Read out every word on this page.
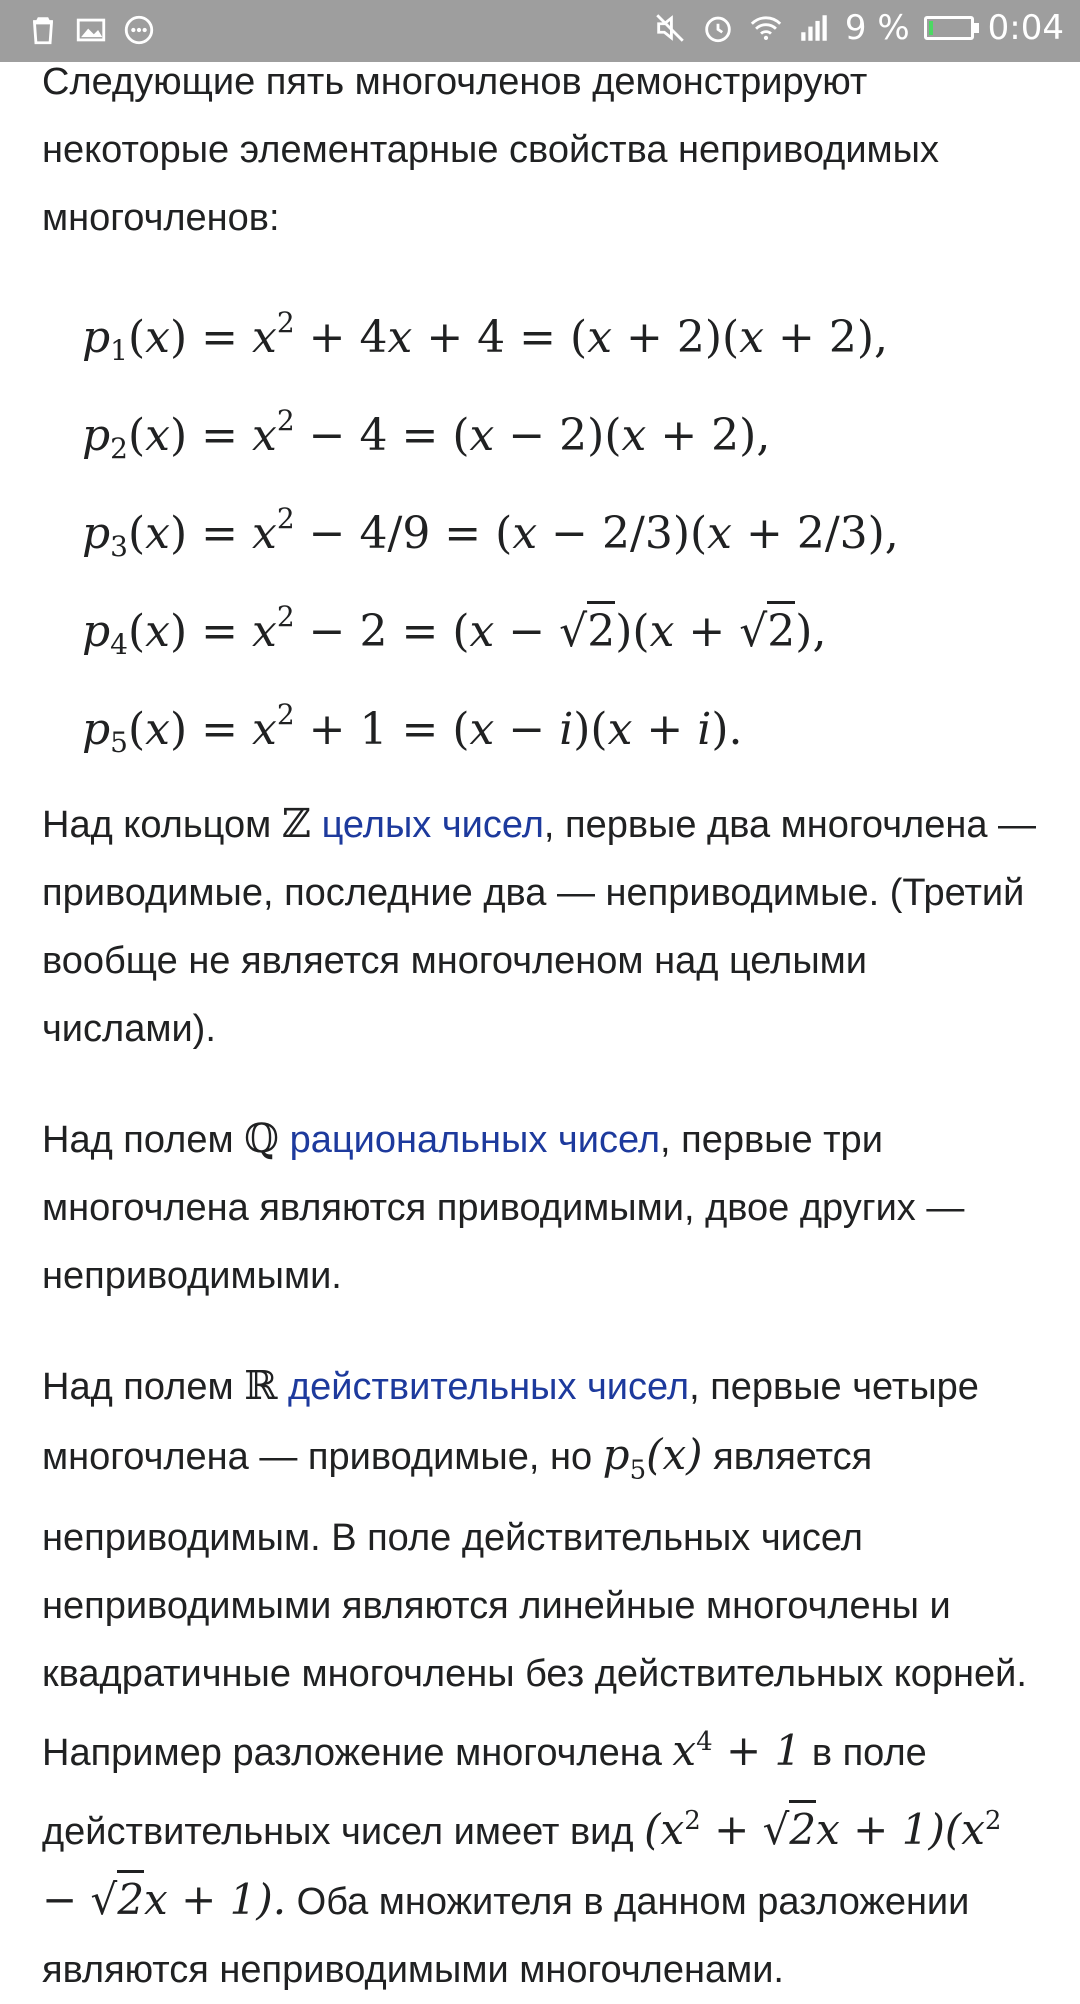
9 % 0:04

Следующие пять многочленов демонстрируют некоторые элементарные свойства неприводимых многочленов:

$p_1(x) = x^2 + 4x + 4 = (x + 2)(x + 2)$,
$p_2(x) = x^2 - 4 = (x - 2)(x + 2)$,
$p_3(x) = x^2 - 4/9 = (x - 2/3)(x + 2/3)$,
$p_4(x) = x^2 - 2 = (x - √2)(x + √2)$,
$p_5(x) = x^2 + 1 = (x - i)(x + i)$.

Над кольцом ℤ целых чисел, первые два многочлена — приводимые, последние два — неприводимые. (Третий вообще не является многочленом над целыми числами).

Над полем ℚ рациональных чисел, первые три многочлена являются приводимыми, двое других — неприводимыми.

Над полем ℝ действительных чисел, первые четыре многочлена — приводимые, но $p_5(x)$ является неприводимым. В поле действительных чисел неприводимыми являются линейные многочлены и квадратичные многочлены без действительных корней. Например разложение многочлена $x^4 + 1$ в поле действительных чисел имеет вид $(x^2 + √2x + 1)(x^2 - √2x + 1)$. Оба множителя в данном разложении являются неприводимыми многочленами.
